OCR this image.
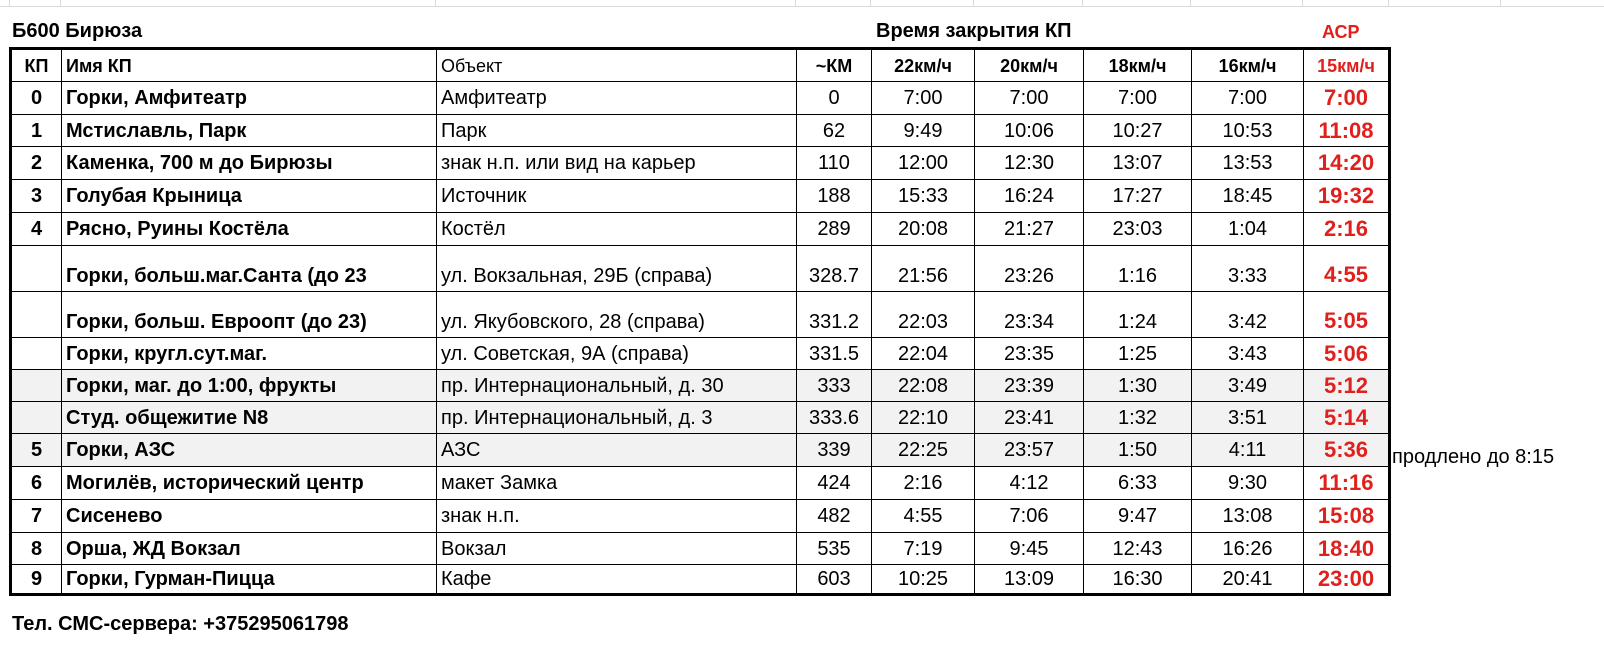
Б600 Бирюза	Время закрытия КП	АСР
КП	Имя КП	Объект	~КМ	22км/ч	20км/ч	18км/ч	16км/ч	15км/ч
0	Горки, Амфитеатр	Амфитеатр	0	7:00	7:00	7:00	7:00	7:00
1	Мстиславль, Парк	Парк	62	9:49	10:06	10:27	10:53	11:08
2	Каменка, 700 м до Бирюзы	знак н.п. или вид на карьер	110	12:00	12:30	13:07	13:53	14:20
3	Голубая Крыница	Источник	188	15:33	16:24	17:27	18:45	19:32
4	Рясно, Руины Костёла	Костёл	289	20:08	21:27	23:03	1:04	2:16
	Горки, больш.маг.Санта (до 23	ул. Вокзальная, 29Б (справа)	328.7	21:56	23:26	1:16	3:33	4:55
	Горки, больш. Евроопт (до 23)	ул. Якубовского, 28 (справа)	331.2	22:03	23:34	1:24	3:42	5:05
	Горки, кругл.сут.маг.	ул. Советская, 9А (справа)	331.5	22:04	23:35	1:25	3:43	5:06
	Горки, маг. до 1:00, фрукты	пр. Интернациональный, д. 30	333	22:08	23:39	1:30	3:49	5:12
	Студ. общежитие N8	пр. Интернациональный, д. 3	333.6	22:10	23:41	1:32	3:51	5:14
5	Горки, АЗС	АЗС	339	22:25	23:57	1:50	4:11	5:36
6	Могилёв, исторический центр	макет Замка	424	2:16	4:12	6:33	9:30	11:16
7	Сисенево	знак н.п.	482	4:55	7:06	9:47	13:08	15:08
8	Орша, ЖД Вокзал	Вокзал	535	7:19	9:45	12:43	16:26	18:40
9	Горки, Гурман-Пицца	Кафе	603	10:25	13:09	16:30	20:41	23:00
продлено до 8:15
Тел. СМС-сервера: +375295061798
